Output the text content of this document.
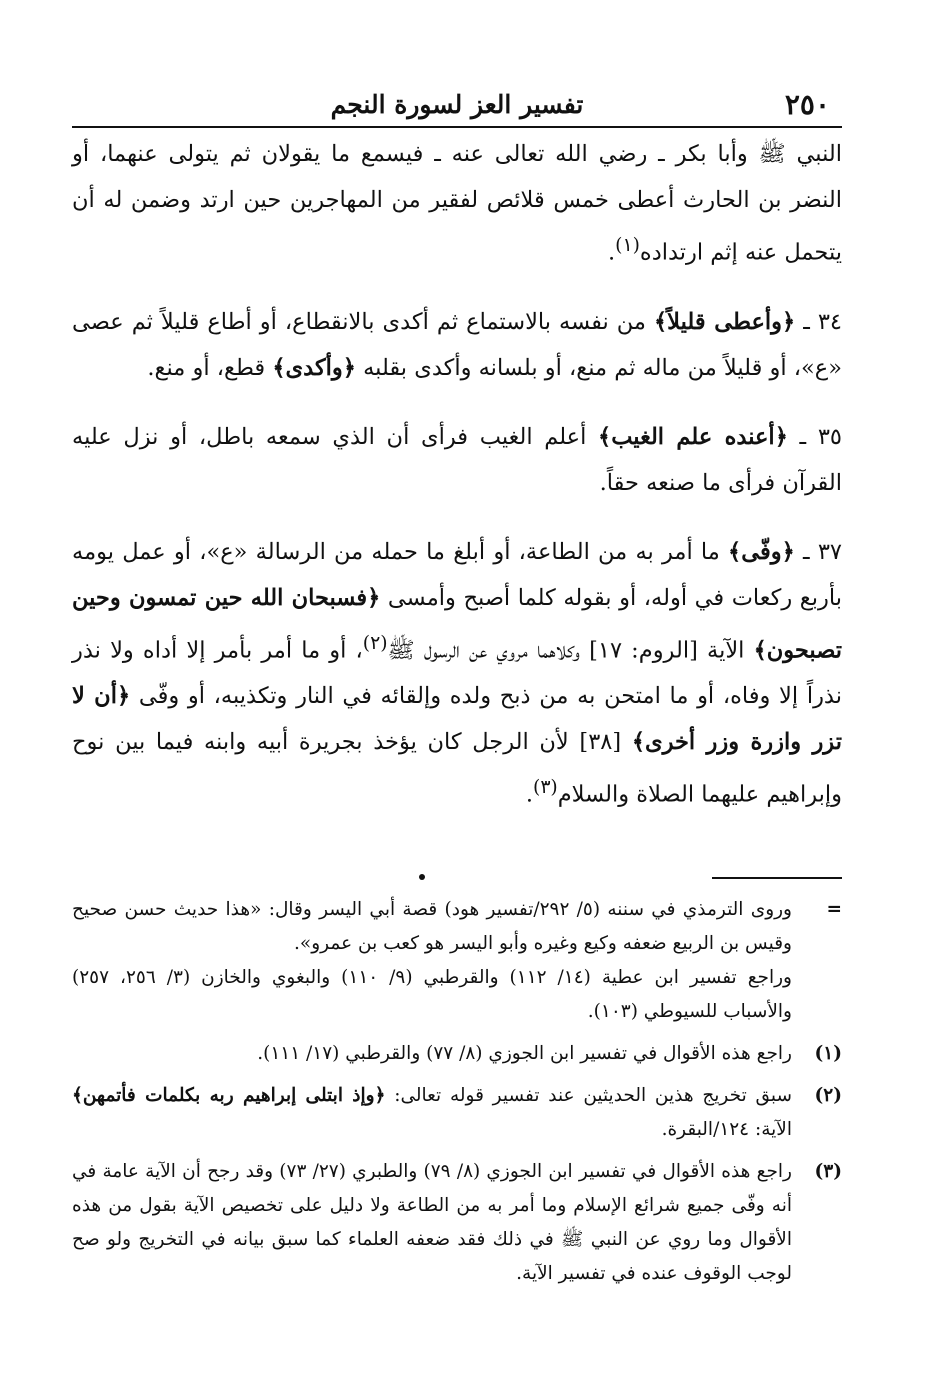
٢٥٠
تفسير العز لسورة النجم

النبي ﷺ وأبا بكر ـ رضي الله تعالى عنه ـ فيسمع ما يقولان ثم يتولى عنهما، أو النضر بن الحارث أعطى خمس قلائص لفقير من المهاجرين حين ارتد وضمن له أن يتحمل عنه إثم ارتداده$^{(١)}$.

٣٤ ـ ﴿وأعطى قليلاً﴾ من نفسه بالاستماع ثم أكدى بالانقطاع، أو أطاع قليلاً ثم عصى «ع»، أو قليلاً من ماله ثم منع، أو بلسانه وأكدى بقلبه ﴿وأكدى﴾ قطع، أو منع.

٣٥ ـ ﴿أعنده علم الغيب﴾ أعلم الغيب فرأى أن الذي سمعه باطل، أو نزل عليه القرآن فرأى ما صنعه حقاً.

٣٧ ـ ﴿وفّى﴾ ما أمر به من الطاعة، أو أبلغ ما حمله من الرسالة «ع»، أو عمل يومه بأربع ركعات في أوله، أو بقوله كلما أصبح وأمسى ﴿فسبحان الله حين تمسون وحين تصبحون﴾ الآية [الروم: ١٧] وكلاهما مروي عن الرسول ﷺ$^{(٢)}$، أو ما أمر بأمر إلا أداه ولا نذر نذراً إلا وفاه، أو ما امتحن به من ذبح ولده وإلقائه في النار وتكذيبه، أو وفّى ﴿أن لا تزر وازرة وزر أخرى﴾ [٣٨] لأن الرجل كان يؤخذ بجريرة أبيه وابنه فيما بين نوح وإبراهيم عليهما الصلاة والسلام$^{(٣)}$.

=
وروى الترمذي في سننه (٥/ ٢٩٢/تفسير هود) قصة أبي اليسر وقال: «هذا حديث حسن صحيح وقيس بن الربيع ضعفه وكيع وغيره وأبو اليسر هو كعب بن عمرو».

وراجع تفسير ابن عطية (١٤/ ١١٢) والقرطبي (٩/ ١١٠) والبغوي والخازن (٣/ ٢٥٦، ٢٥٧) والأسباب للسيوطي (١٠٣).

(١)
راجع هذه الأقوال في تفسير ابن الجوزي (٨/ ٧٧) والقرطبي (١٧/ ١١١).

(٢)
سبق تخريج هذين الحديثين عند تفسير قوله تعالى: ﴿وإذ ابتلى إبراهيم ربه بكلمات فأتمهن﴾ الآية: ١٢٤/البقرة.

(٣)
راجع هذه الأقوال في تفسير ابن الجوزي (٨/ ٧٩) والطبري (٢٧/ ٧٣) وقد رجح أن الآية عامة في أنه وفّى جميع شرائع الإسلام وما أمر به من الطاعة ولا دليل على تخصيص الآية بقول من هذه الأقوال وما روي عن النبي ﷺ في ذلك فقد ضعفه العلماء كما سبق بيانه في التخريج ولو صح لوجب الوقوف عنده في تفسير الآية.
